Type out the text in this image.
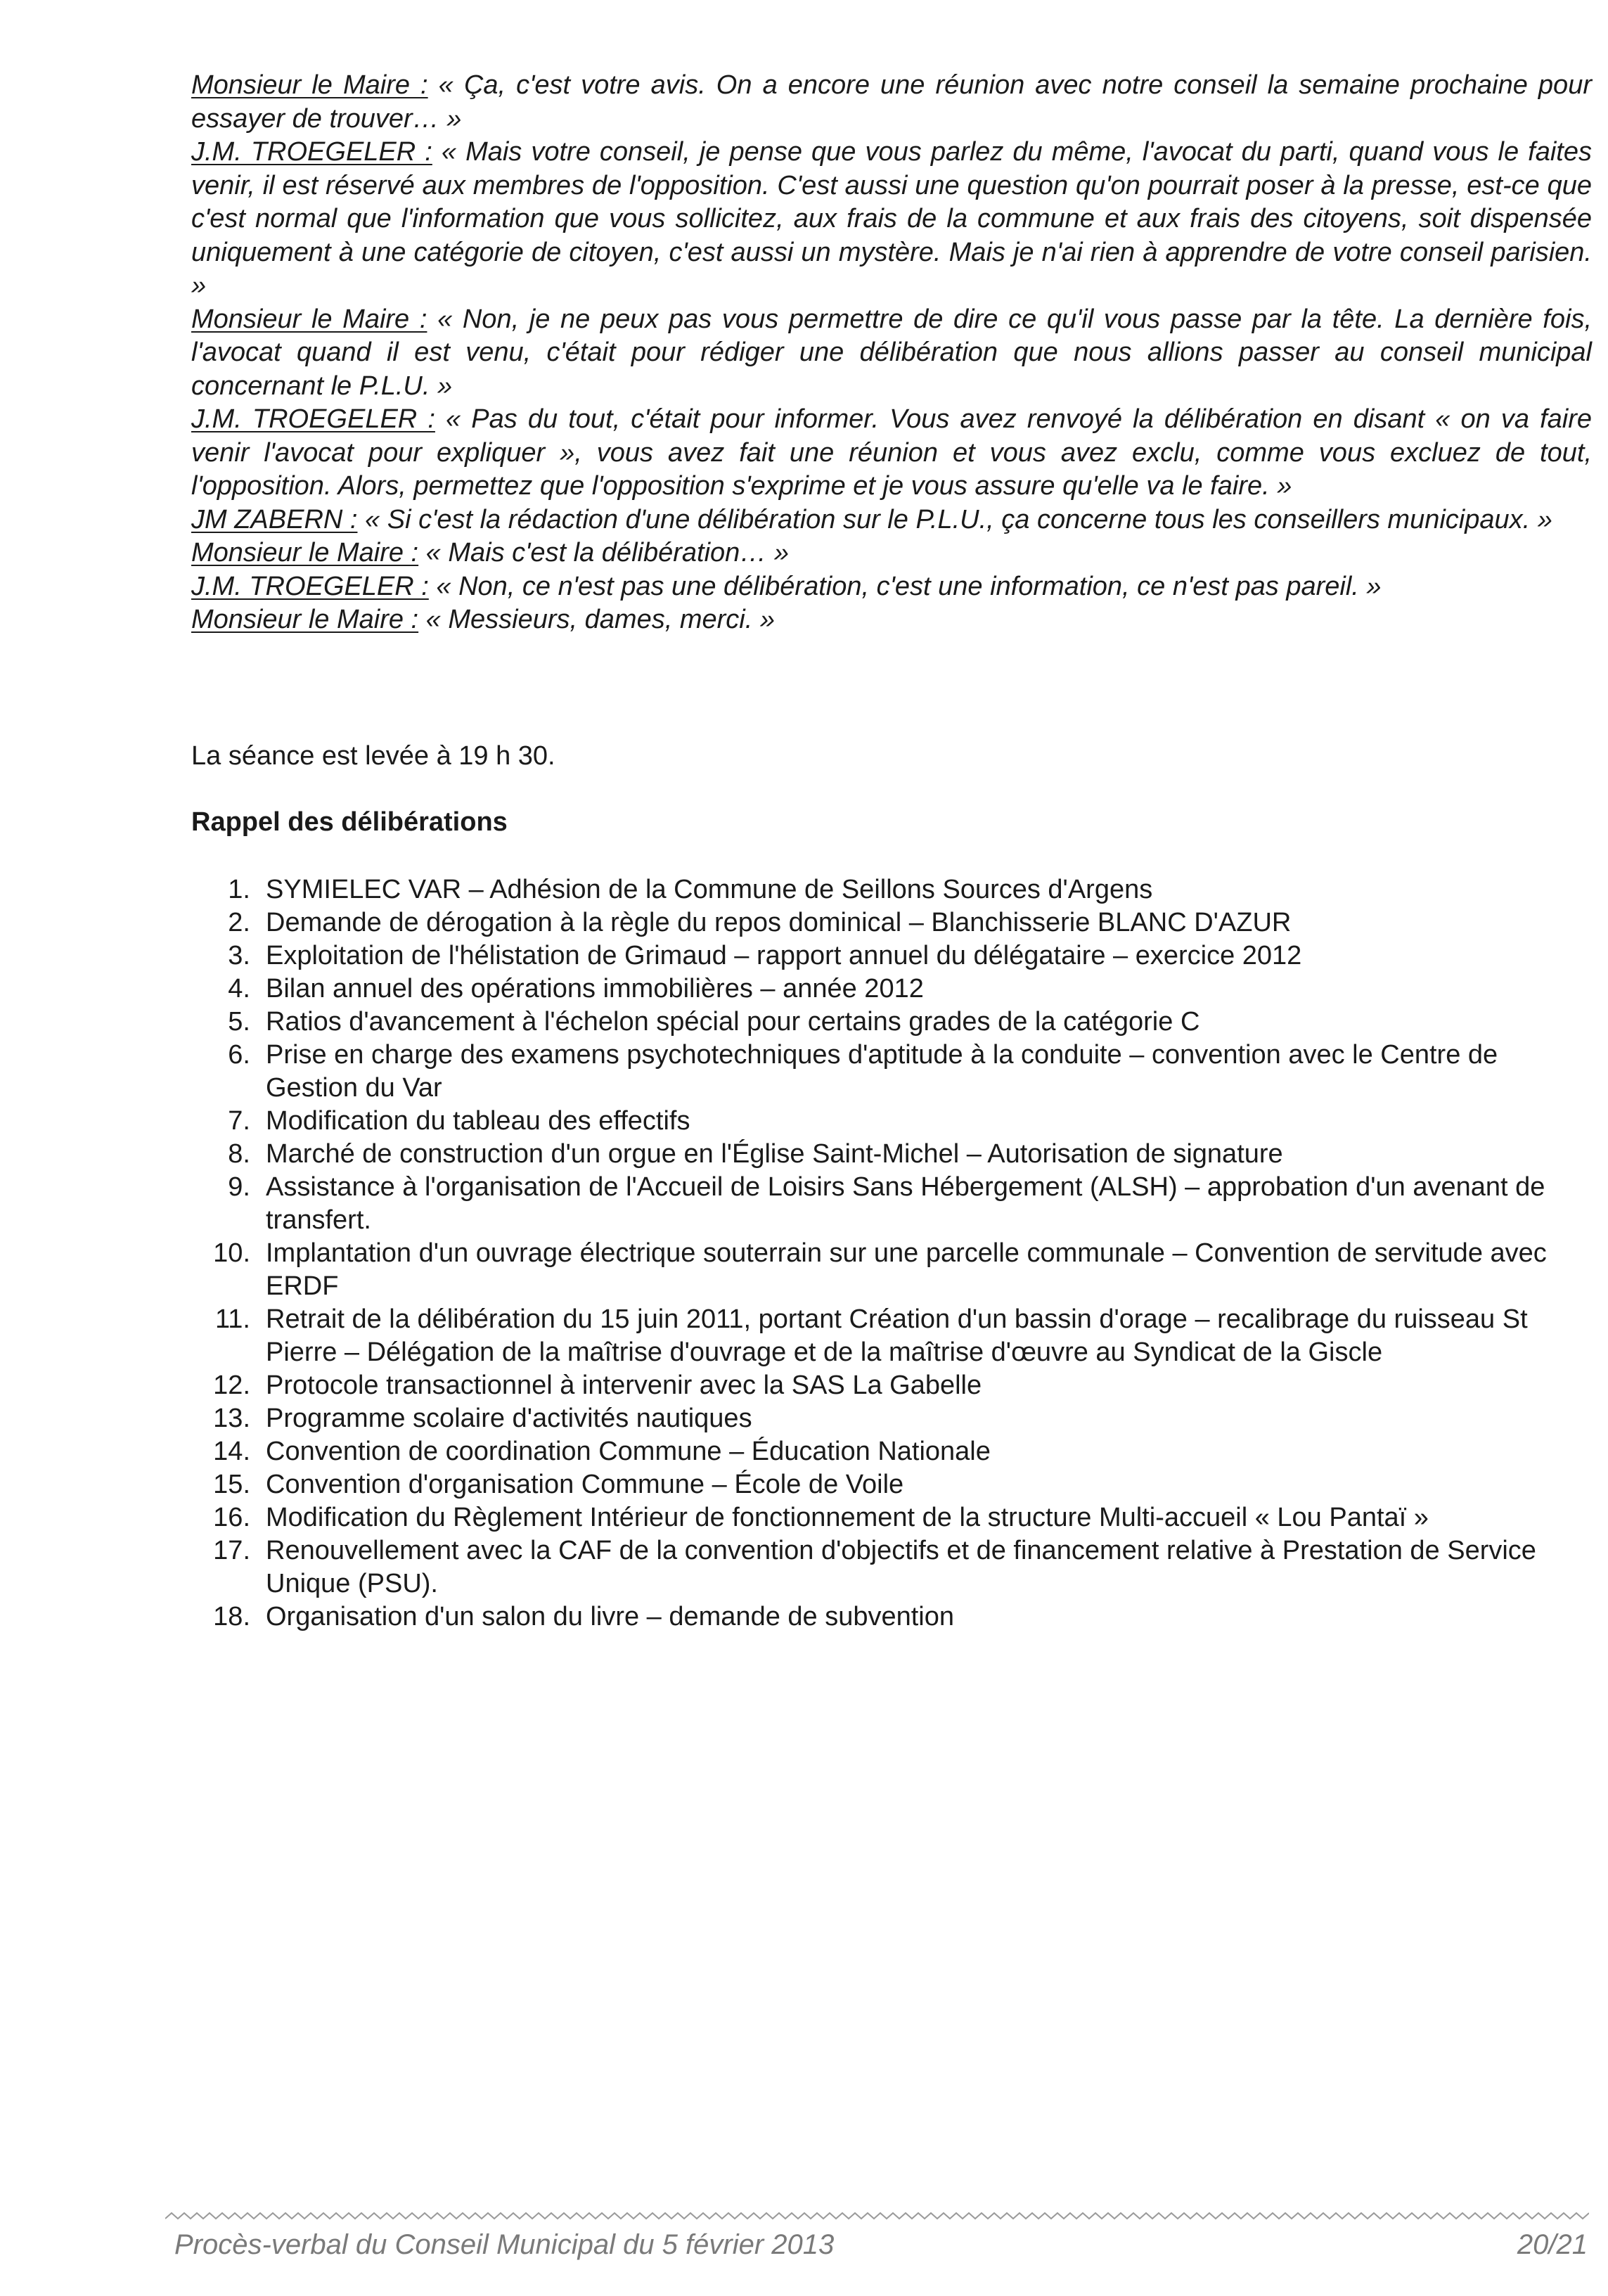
Monsieur le Maire : « Ça, c'est votre avis. On a encore une réunion avec notre conseil la semaine prochaine pour essayer de trouver… »

J.M. TROEGELER : « Mais votre conseil, je pense que vous parlez du même, l'avocat du parti, quand vous le faites venir, il est réservé aux membres de l'opposition. C'est aussi une question qu'on pourrait poser à la presse, est-ce que c'est normal que l'information que vous sollicitez, aux frais de la commune et aux frais des citoyens, soit dispensée uniquement à une catégorie de citoyen, c'est aussi un mystère. Mais je n'ai rien à apprendre de votre conseil parisien. »

Monsieur le Maire : « Non, je ne peux pas vous permettre de dire ce qu'il vous passe par la tête. La dernière fois, l'avocat quand il est venu, c'était pour rédiger une délibération que nous allions passer au conseil municipal concernant le P.L.U. »

J.M. TROEGELER : « Pas du tout, c'était pour informer. Vous avez renvoyé la délibération en disant « on va faire venir l'avocat pour expliquer », vous avez fait une réunion et vous avez exclu, comme vous excluez de tout, l'opposition. Alors, permettez que l'opposition s'exprime et je vous assure qu'elle va le faire. »

JM ZABERN : « Si c'est la rédaction d'une délibération sur le P.L.U., ça concerne tous les conseillers municipaux. »

Monsieur le Maire : « Mais c'est la délibération… »

J.M. TROEGELER : « Non, ce n'est pas une délibération, c'est une information, ce n'est pas pareil. »

Monsieur le Maire : « Messieurs, dames, merci. »

La séance est levée à 19 h 30.
Rappel des délibérations
1. SYMIELEC VAR – Adhésion de la Commune de Seillons Sources d'Argens
2. Demande de dérogation à la règle du repos dominical – Blanchisserie BLANC D'AZUR
3. Exploitation de l'hélistation de Grimaud – rapport annuel du délégataire – exercice 2012
4. Bilan annuel des opérations immobilières – année 2012
5. Ratios d'avancement à l'échelon spécial pour certains grades de la catégorie C
6. Prise en charge des examens psychotechniques d'aptitude à la conduite – convention avec le Centre de Gestion du Var
7. Modification du tableau des effectifs
8. Marché de construction d'un orgue en l'Église Saint-Michel – Autorisation de signature
9. Assistance à l'organisation de l'Accueil de Loisirs Sans Hébergement (ALSH) – approbation d'un avenant de transfert.
10. Implantation d'un ouvrage électrique souterrain sur une parcelle communale – Convention de servitude avec ERDF
11. Retrait de la délibération du 15 juin 2011, portant Création d'un bassin d'orage – recalibrage du ruisseau St Pierre – Délégation de la maîtrise d'ouvrage et de la maîtrise d'œuvre au Syndicat de la Giscle
12. Protocole transactionnel à intervenir avec la SAS La Gabelle
13. Programme scolaire d'activités nautiques
14. Convention de coordination Commune – Éducation Nationale
15. Convention d'organisation Commune – École de Voile
16. Modification du Règlement Intérieur de fonctionnement de la structure Multi-accueil « Lou Pantaï »
17. Renouvellement avec la CAF de la convention d'objectifs et de financement relative à Prestation de Service Unique (PSU).
18. Organisation d'un salon du livre – demande de subvention
Procès-verbal du Conseil Municipal du 5 février 2013	20/21
